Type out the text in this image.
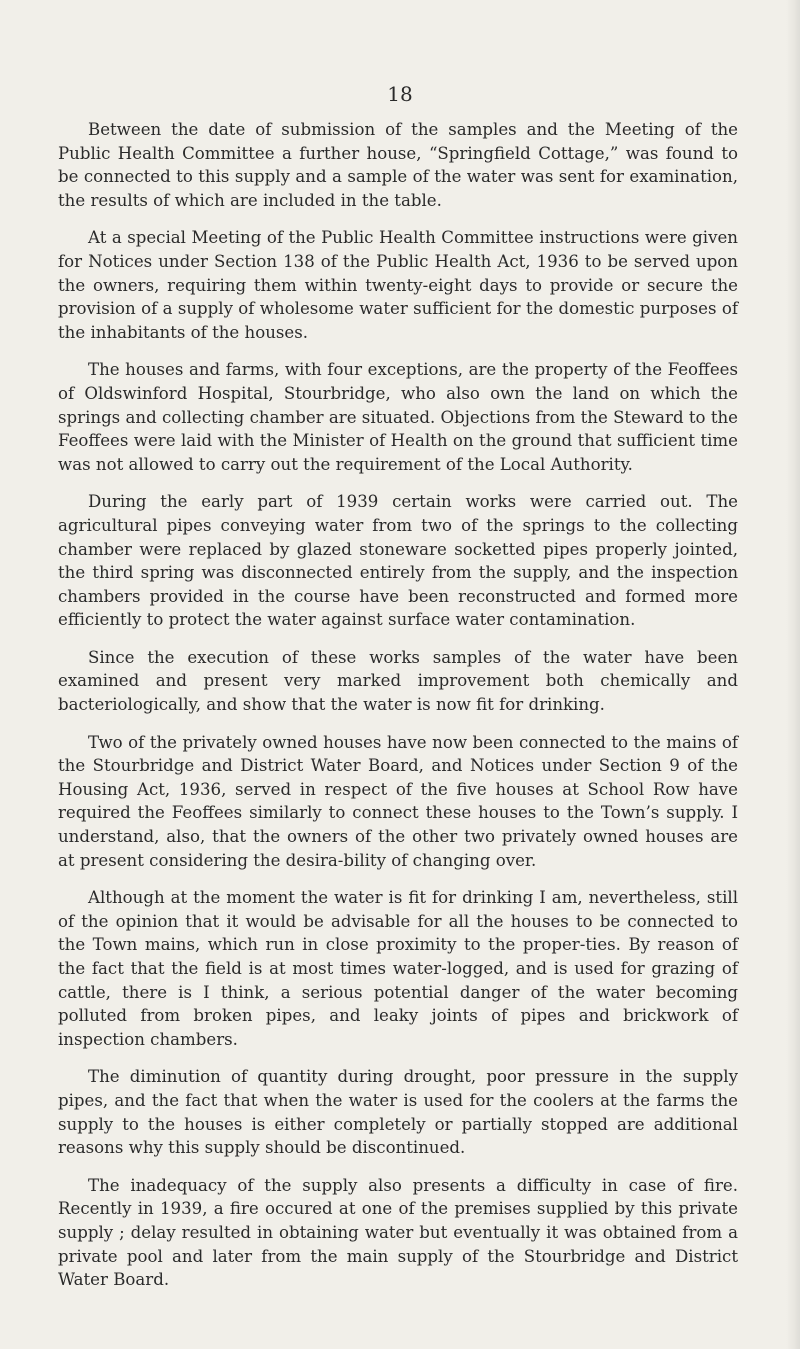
18

Between the date of submission of the samples and the Meeting of the Public Health Committee a further house, “Springfield Cottage,” was found to be connected to this supply and a sample of the water was sent for examination, the results of which are included in the table.

At a special Meeting of the Public Health Committee instructions were given for Notices under Section 138 of the Public Health Act, 1936 to be served upon the owners, requiring them within twenty-eight days to provide or secure the provision of a supply of wholesome water sufficient for the domestic purposes of the inhabitants of the houses.

The houses and farms, with four exceptions, are the property of the Feoffees of Oldswinford Hospital, Stourbridge, who also own the land on which the springs and collecting chamber are situated. Objections from the Steward to the Feoffees were laid with the Minister of Health on the ground that sufficient time was not allowed to carry out the requirement of the Local Authority.

During the early part of 1939 certain works were carried out. The agricultural pipes conveying water from two of the springs to the collecting chamber were replaced by glazed stoneware socketted pipes properly jointed, the third spring was disconnected entirely from the supply, and the inspection chambers provided in the course have been reconstructed and formed more efficiently to protect the water against surface water contamination.

Since the execution of these works samples of the water have been examined and present very marked improvement both chemically and bacteriologically, and show that the water is now fit for drinking.

Two of the privately owned houses have now been connected to the mains of the Stourbridge and District Water Board, and Notices under Section 9 of the Housing Act, 1936, served in respect of the five houses at School Row have required the Feoffees similarly to connect these houses to the Town’s supply. I understand, also, that the owners of the other two privately owned houses are at present considering the desira-bility of changing over.

Although at the moment the water is fit for drinking I am, nevertheless, still of the opinion that it would be advisable for all the houses to be connected to the Town mains, which run in close proximity to the proper-ties. By reason of the fact that the field is at most times water-logged, and is used for grazing of cattle, there is I think, a serious potential danger of the water becoming polluted from broken pipes, and leaky joints of pipes and brickwork of inspection chambers.

The diminution of quantity during drought, poor pressure in the supply pipes, and the fact that when the water is used for the coolers at the farms the supply to the houses is either completely or partially stopped are additional reasons why this supply should be discontinued.

The inadequacy of the supply also presents a difficulty in case of fire. Recently in 1939, a fire occured at one of the premises supplied by this private supply ; delay resulted in obtaining water but eventually it was obtained from a private pool and later from the main supply of the Stourbridge and District Water Board.
